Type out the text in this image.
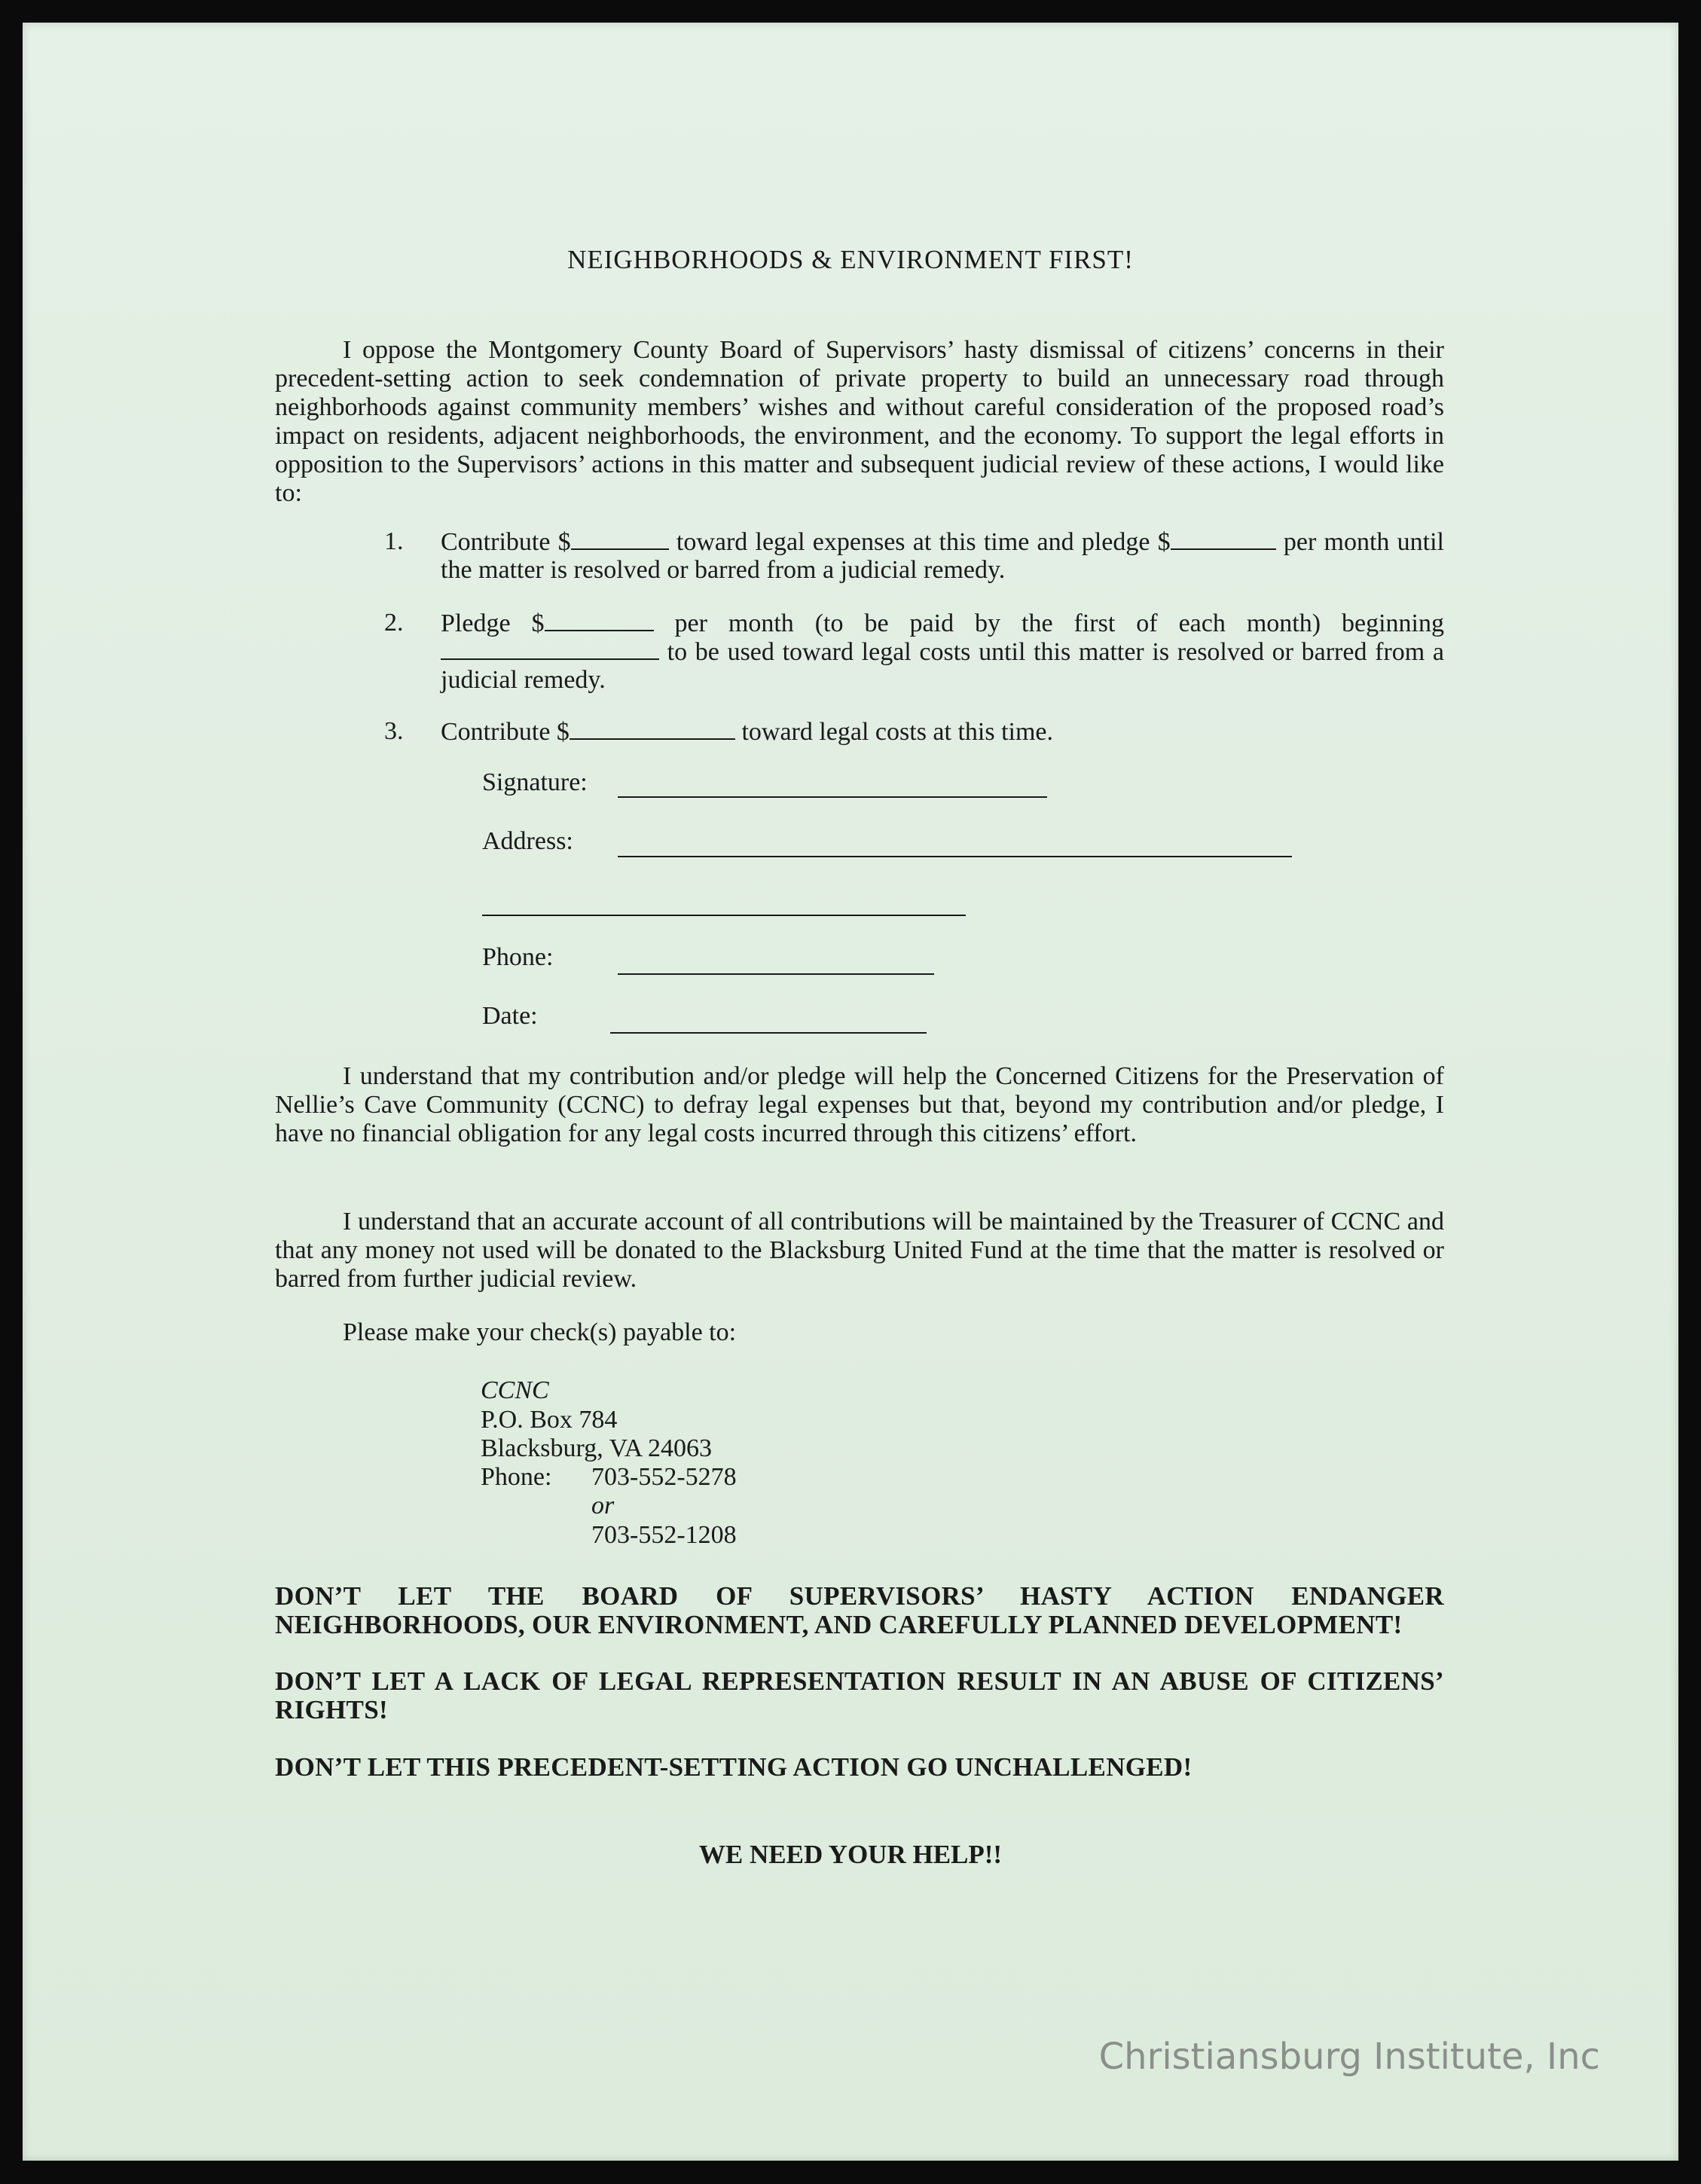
NEIGHBORHOODS & ENVIRONMENT FIRST!
I oppose the Montgomery County Board of Supervisors’ hasty dismissal of citizens’ concerns in their precedent-setting action to seek condemnation of private property to build an unnecessary road through neighborhoods against community members’ wishes and without careful consideration of the proposed road’s impact on residents, adjacent neighborhoods, the environment, and the economy. To support the legal efforts in opposition to the Supervisors’ actions in this matter and subsequent judicial review of these actions, I would like to:
1. Contribute $	toward legal expenses at this time and pledge $	per month until the matter is resolved or barred from a judicial remedy.
2. Pledge $	per month (to be paid by the first of each month) beginning  to be used toward legal costs until this matter is resolved or barred from a judicial remedy.
3. Contribute $	toward legal costs at this time.
Signature:
Address:
Phone:
Date:
I understand that my contribution and/or pledge will help the Concerned Citizens for the Preservation of Nellie’s Cave Community (CCNC) to defray legal expenses but that, beyond my contribution and/or pledge, I have no financial obligation for any legal costs incurred through this citizens’ effort.
I understand that an accurate account of all contributions will be maintained by the Treasurer of CCNC and that any money not used will be donated to the Blacksburg United Fund at the time that the matter is resolved or barred from further judicial review.
Please make your check(s) payable to:
CCNC
P.O. Box 784
Blacksburg, VA 24063
Phone: 703-552-5278
or
703-552-1208
DON’T LET THE BOARD OF SUPERVISORS’ HASTY ACTION ENDANGER NEIGHBORHOODS, OUR ENVIRONMENT, AND CAREFULLY PLANNED DEVELOPMENT!
DON’T LET A LACK OF LEGAL REPRESENTATION RESULT IN AN ABUSE OF CITIZENS’ RIGHTS!
DON’T LET THIS PRECEDENT-SETTING ACTION GO UNCHALLENGED!
WE NEED YOUR HELP!!
Christiansburg Institute, Inc
